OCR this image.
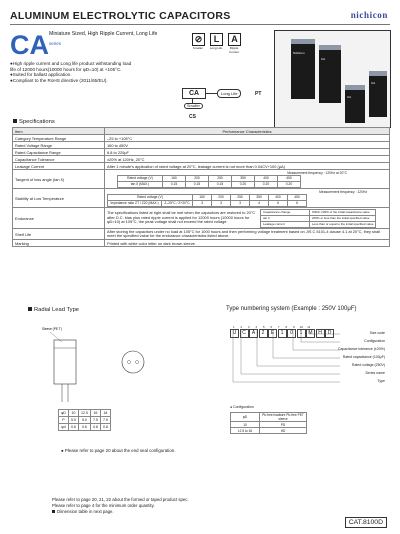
ALUMINUM ELECTROLYTIC CAPACITORS	nichicon
CA Miniature Sized, High Ripple Current, Long Life
series	⊘	L	A
Smaller	Long Life	Ripple Current
●High ripple current and Long life product withstanding load
life of 12000 hours(10000 hours for φD=10) at +105°C.
●Suited for ballast application.
●Compliant to the RoHS directive (2011/65/EU).
Nichicon
CA
CA
CA
CA	Long Life	PT
Smaller
CS
Specifications
Item	Performance Characteristics
Category Temperature Range	–25 to +105°C
Rated Voltage Range	160 to 450V
Rated Capacitance Range	6.8 to 220μF
Capacitance Tolerance	±20% at 120Hz, 20°C
Leakage Current	After 1 minute's application of rated voltage at 20°C, leakage current is not more than 0.04CV+100 (μA)
Tangent of loss angle (tan δ)	
Measurement frequency : 120Hz at 20°C
Rated voltage (V)	160	200	250	350	400	450
tan δ (MAX.)	0.15	0.15	0.15	0.20	0.20	0.20

Stability at Low Temperature	
Measurement frequency : 120Hz
Rated voltage (V)	160	200	250	350	400	450
Impedance ratio ZT / Z20 (MAX.)	Z–25°C / Z+20°C	3	3	3	4	6	6

Endurance	
The specifications listed at right shall be met when the capacitors are restored to 20°C after D.C. bias plus rated ripple current is applied for 12000 hours (10000 hours for φD=10) at 105°C, the peak voltage shall not exceed the rated voltage.
Capacitance change	Within ±20% of the initial capacitance value
tan δ	200% or less than the initial specified value
Leakage current	Less than or equal to the initial specified value

Shelf Life	After storing the capacitors under no load at 105°C for 1000 hours and then performing voltage treatment based on JIS C 5101-4 clause 4.1 at 20°C, they shall meet the specified value for the endurance characteristics listed above.
Marking	Printed with white color letter on dark brown sleeve.
Radial Lead Type
Sleeve (PE T)
φD	10	12.5	16	18
P	5.0	5.0	7.5	7.5
φd	0.6	0.6	0.8	0.8
Type numbering system (Example : 250V 100μF)
1 2 3 4 5 6 7 8 9 10 11
U C A 2 E 1 0 1 M H D	Size code
Configuration
Capacitance tolerance (±20%)
Rated capacitance (100μF)
Rated voltage (250V)
Series name
Type
● Configuration
φD	Pb-free leadwire Pb-free PET sleeve
10	PD
12.5 to 18	HD
● Please refer to page 20 about the end seal configuration.
Please refer to page 20, 21, 22 about the formed or taped product spec.
Please refer to page 4 for the minimum order quantity.
Dimension table in next page.
CAT.8100D
